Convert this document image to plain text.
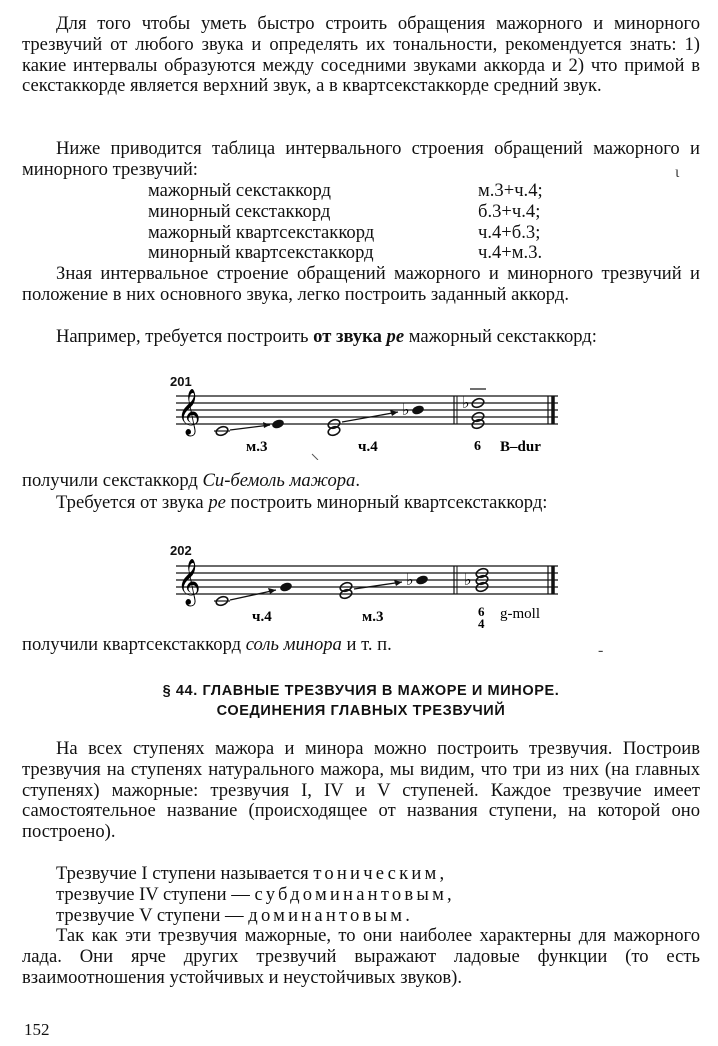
Для того чтобы уметь быстро строить обращения мажорного и минорного трезвучий от любого звука и определять их тональности, рекомендуется знать: 1) какие интервалы образуются между соседними звуками аккорда и 2) что примой в секстаккорде является верхний звук, а в квартсекстаккорде средний звук.

Ниже приводится таблица интервального строения обращений мажорного и минорного трезвучий:	ι
мажорный секстаккорд	м.3+ч.4;
минорный секстаккорд	б.3+ч.4;
мажорный квартсекстаккорд	ч.4+б.3;
минорный квартсекстаккорд	ч.4+м.3.

Зная интервальное строение обращений мажорного и минорного трезвучий и положение в них основного звука, легко построить заданный аккорд.

Например, требуется построить от звука ре мажорный секстаккорд:

201
𝄞	♭	♭
м.3	ч.4	6 B–dur

получили секстаккорд Си-бемоль мажора.

Требуется от звука ре построить минорный квартсекстаккорд:

202
𝄞	♭	♭
ч.4	м.3	6
4
g-moll

получили квартсекстаккорд соль минора и т. п.	-
§ 44. ГЛАВНЫЕ ТРЕЗВУЧИЯ В МАЖОРЕ И МИНОРЕ.
СОЕДИНЕНИЯ ГЛАВНЫХ ТРЕЗВУЧИЙ

На всех ступенях мажора и минора можно построить трезвучия. Построив трезвучия на ступенях натурального мажора, мы видим, что три из них (на главных ступенях) мажорные: трезвучия I, IV и V ступеней. Каждое трезвучие имеет самостоятельное название (происходящее от названия ступени, на которой оно построено).

Трезвучие I ступени называется тоническим,
трезвучие IV ступени — субдоминантовым,
трезвучие V ступени — доминантовым.

Так как эти трезвучия мажорные, то они наиболее характерны для мажорного лада. Они ярче других трезвучий выражают ладовые функции (то есть взаимоотношения устойчивых и неустойчивых звуков).

152
